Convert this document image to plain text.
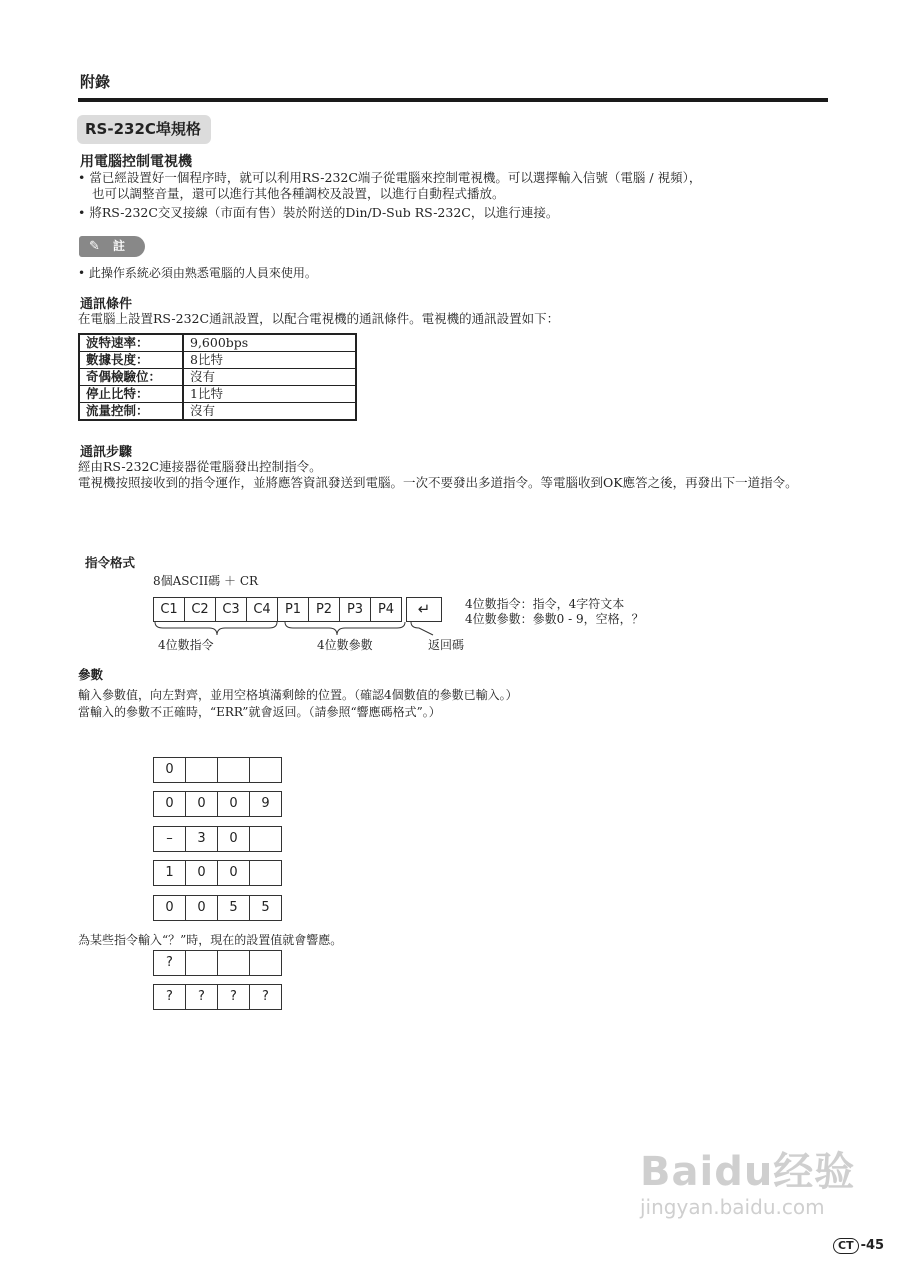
附錄
RS-232C埠規格
用電腦控制電視機
• 當已經設置好一個程序時，就可以利用RS-232C端子從電腦來控制電視機。可以選擇輸入信號（電腦 / 視頻），
也可以調整音量，還可以進行其他各種調校及設置，以進行自動程式播放。
• 將RS-232C交叉接線（市面有售）裝於附送的Din/D-Sub RS-232C，以進行連接。
✎ 註
• 此操作系統必須由熟悉電腦的人員來使用。
通訊條件
在電腦上設置RS-232C通訊設置，以配合電視機的通訊條件。電視機的通訊設置如下：
波特速率：	9,600bps
數據長度：	8比特
奇偶檢驗位：	沒有
停止比特：	1比特
流量控制：	沒有
通訊步驟
經由RS-232C連接器從電腦發出控制指令。
電視機按照接收到的指令運作，並將應答資訊發送到電腦。一次不要發出多道指令。等電腦收到OK應答之後，再發出下一道指令。
指令格式
8個ASCII碼 ＋ CR
C1	C2	C3	C4	P1	P2	P3	P4	↵	4位數指令：指令，4字符文本
4位數參數：參數0 - 9，空格，？
4位數指令	4位數參數	返回碼
參數
輸入參數值，向左對齊，並用空格填滿剩餘的位置。（確認4個數值的參數已輸入。）
當輸入的參數不正確時，“ERR”就會返回。（請參照“響應碼格式”。）
0
0	0	0	9
–	3	0
1	0	0
0	0	5	5
為某些指令輸入“？”時，現在的設置值就會響應。
?
?	?	?	?
Baidu经验
jingyan.baidu.com
CT -45
